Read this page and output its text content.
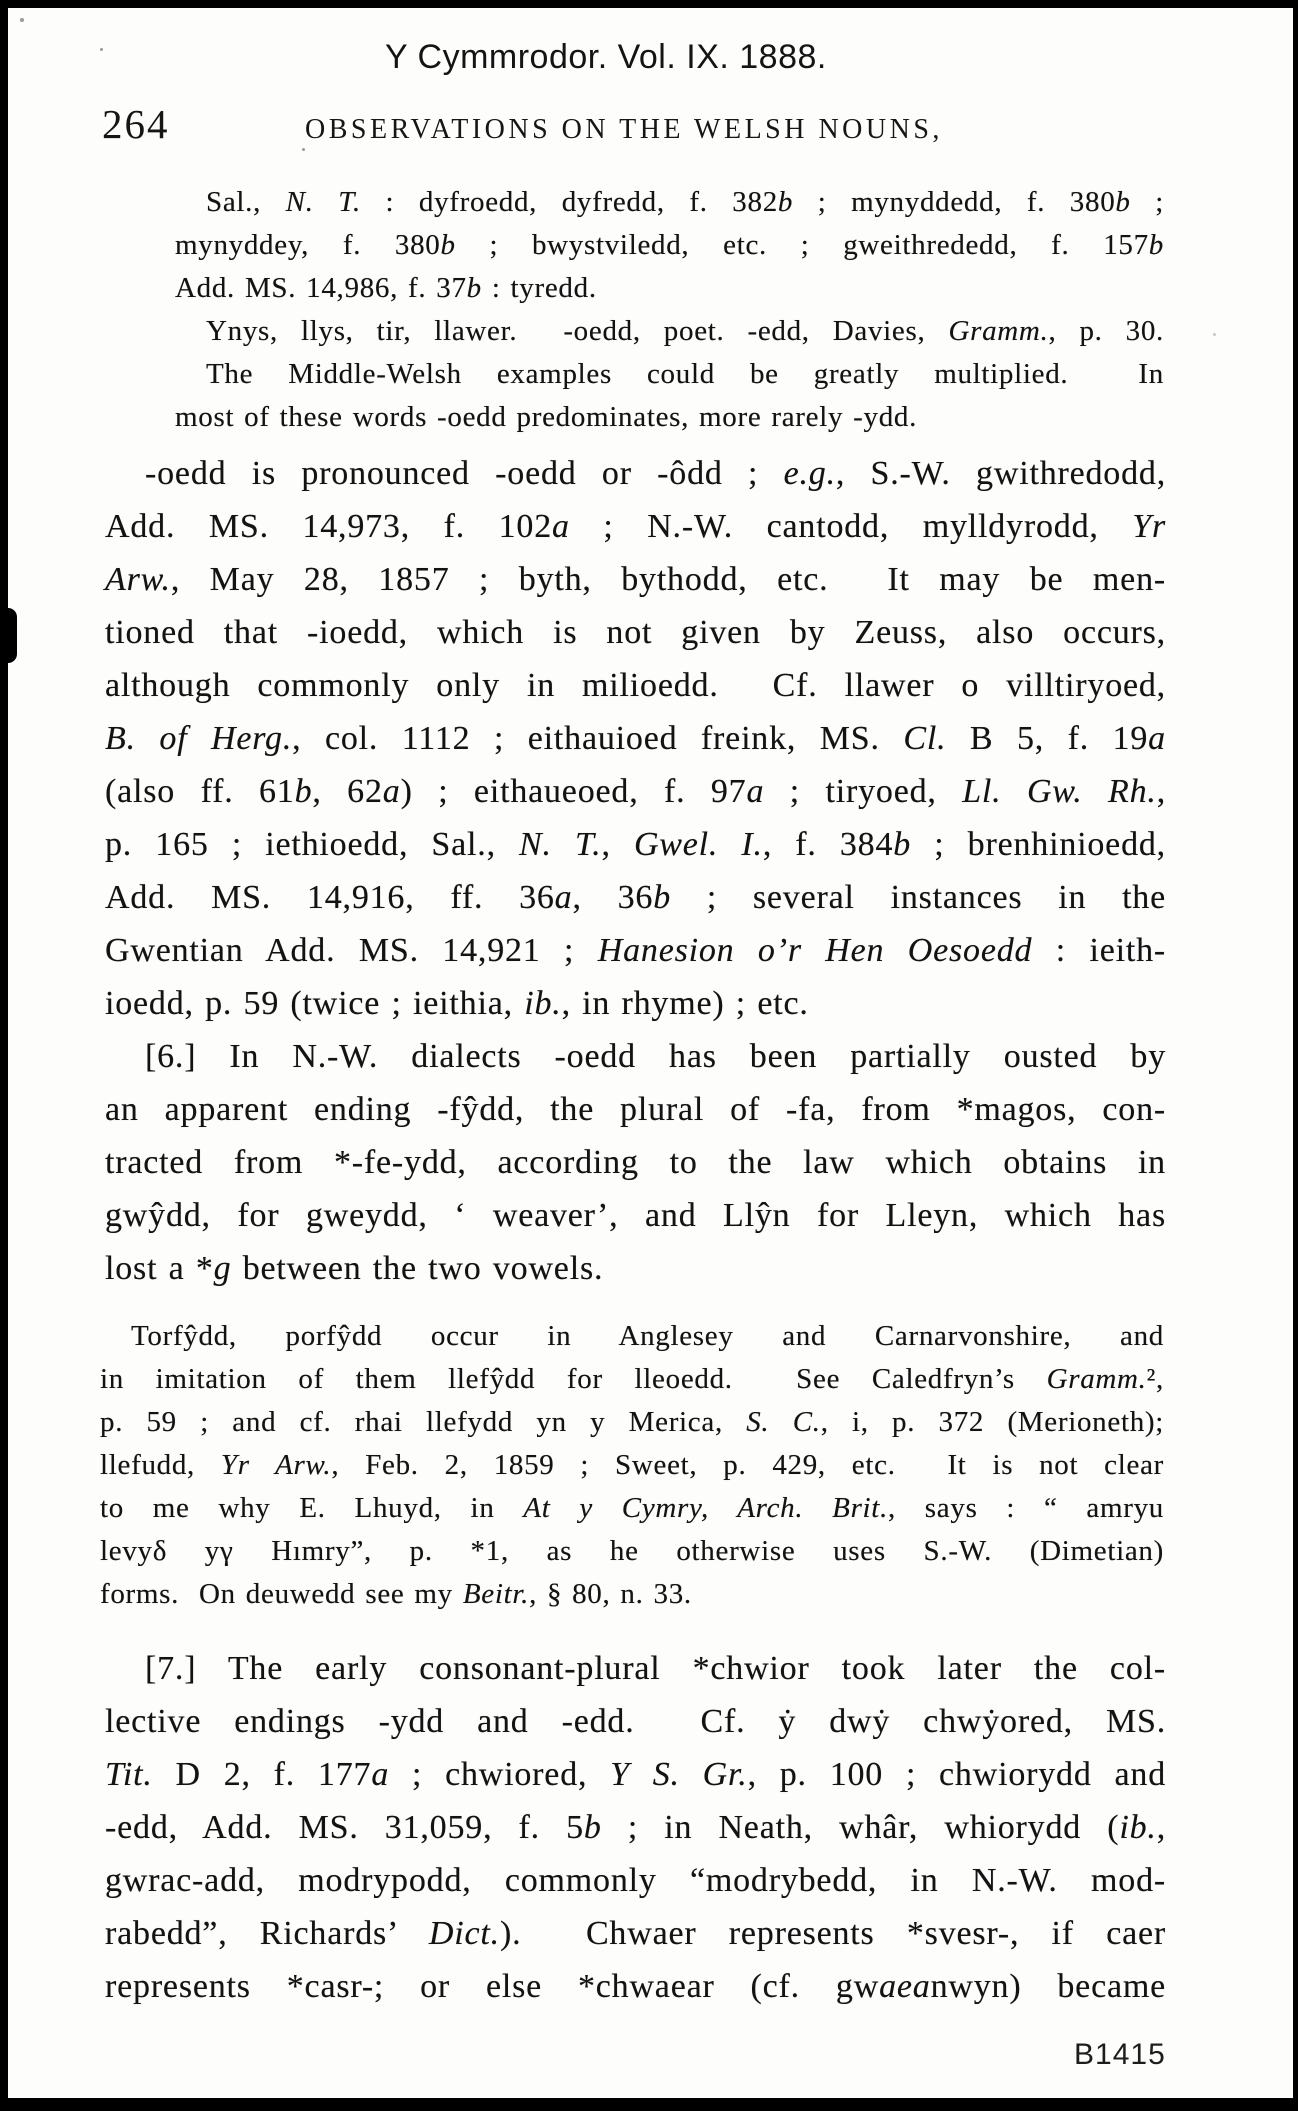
Y Cymmrodor. Vol. IX. 1888.
264	OBSERVATIONS ON THE WELSH NOUNS,
Sal., N. T. : dyfroedd, dyfredd, f. 382b ; mynyddedd, f. 380b ;
mynyddey, f. 380b ; bwystviledd, etc. ; gweithrededd, f. 157b
Add. MS. 14,986, f. 37b : tyredd.
Ynys, llys, tir, llawer.  -oedd, poet. -edd, Davies, Gramm., p. 30.
The Middle-Welsh examples could be greatly multiplied.  In
most of these words -oedd predominates, more rarely -ydd.
-oedd is pronounced -oedd or -ôdd ; e.g., S.-W. gwithredodd,
Add. MS. 14,973, f. 102a ; N.-W. cantodd, mylldyrodd, Yr
Arw., May 28, 1857 ; byth, bythodd, etc.  It may be men-
tioned that -ioedd, which is not given by Zeuss, also occurs,
although commonly only in milioedd.  Cf. llawer o villtiryoed,
B. of Herg., col. 1112 ; eithauioed freink, MS. Cl. B 5, f. 19a
(also ff. 61b, 62a) ; eithaueoed, f. 97a ; tiryoed, Ll. Gw. Rh.,
p. 165 ; iethioedd, Sal., N. T., Gwel. I., f. 384b ; brenhinioedd,
Add. MS. 14,916, ff. 36a, 36b ; several instances in the
Gwentian Add. MS. 14,921 ; Hanesion o’r Hen Oesoedd : ieith-
ioedd, p. 59 (twice ; ieithia, ib., in rhyme) ; etc.
[6.] In N.-W. dialects -oedd has been partially ousted by
an apparent ending -fŷdd, the plural of -fa, from *magos, con-
tracted from *-fe-ydd, according to the law which obtains in
gwŷdd, for gweydd, ‘ weaver’, and Llŷn for Lleyn, which has
lost a *g between the two vowels.
Torfŷdd, porfŷdd occur in Anglesey and Carnarvonshire, and
in imitation of them llefŷdd for lleoedd.  See Caledfryn’s Gramm.²,
p. 59 ; and cf. rhai llefydd yn y Merica, S. C., i, p. 372 (Merioneth);
llefudd, Yr Arw., Feb. 2, 1859 ; Sweet, p. 429, etc.  It is not clear
to me why E. Lhuyd, in At y Cymry, Arch. Brit., says : “ amryu
levyδ yγ Hımry”, p. *1, as he otherwise uses S.-W. (Dimetian)
forms.  On deuwedd see my Beitr., § 80, n. 33.
[7.] The early consonant-plural *chwior took later the col-
lective endings -ydd and -edd.  Cf. ẏ dwẏ chwẏored, MS.
Tit. D 2, f. 177a ; chwiored, Y S. Gr., p. 100 ; chwiorydd and
-edd, Add. MS. 31,059, f. 5b ; in Neath, whâr, whiorydd (ib.,
gwrac-add, modrypodd, commonly “modrybedd, in N.-W. mod-
rabedd”, Richards’ Dict.).  Chwaer represents *svesr-, if caer
represents *casr-; or else *chwaear (cf. gwaeanwyn) became
B1415
